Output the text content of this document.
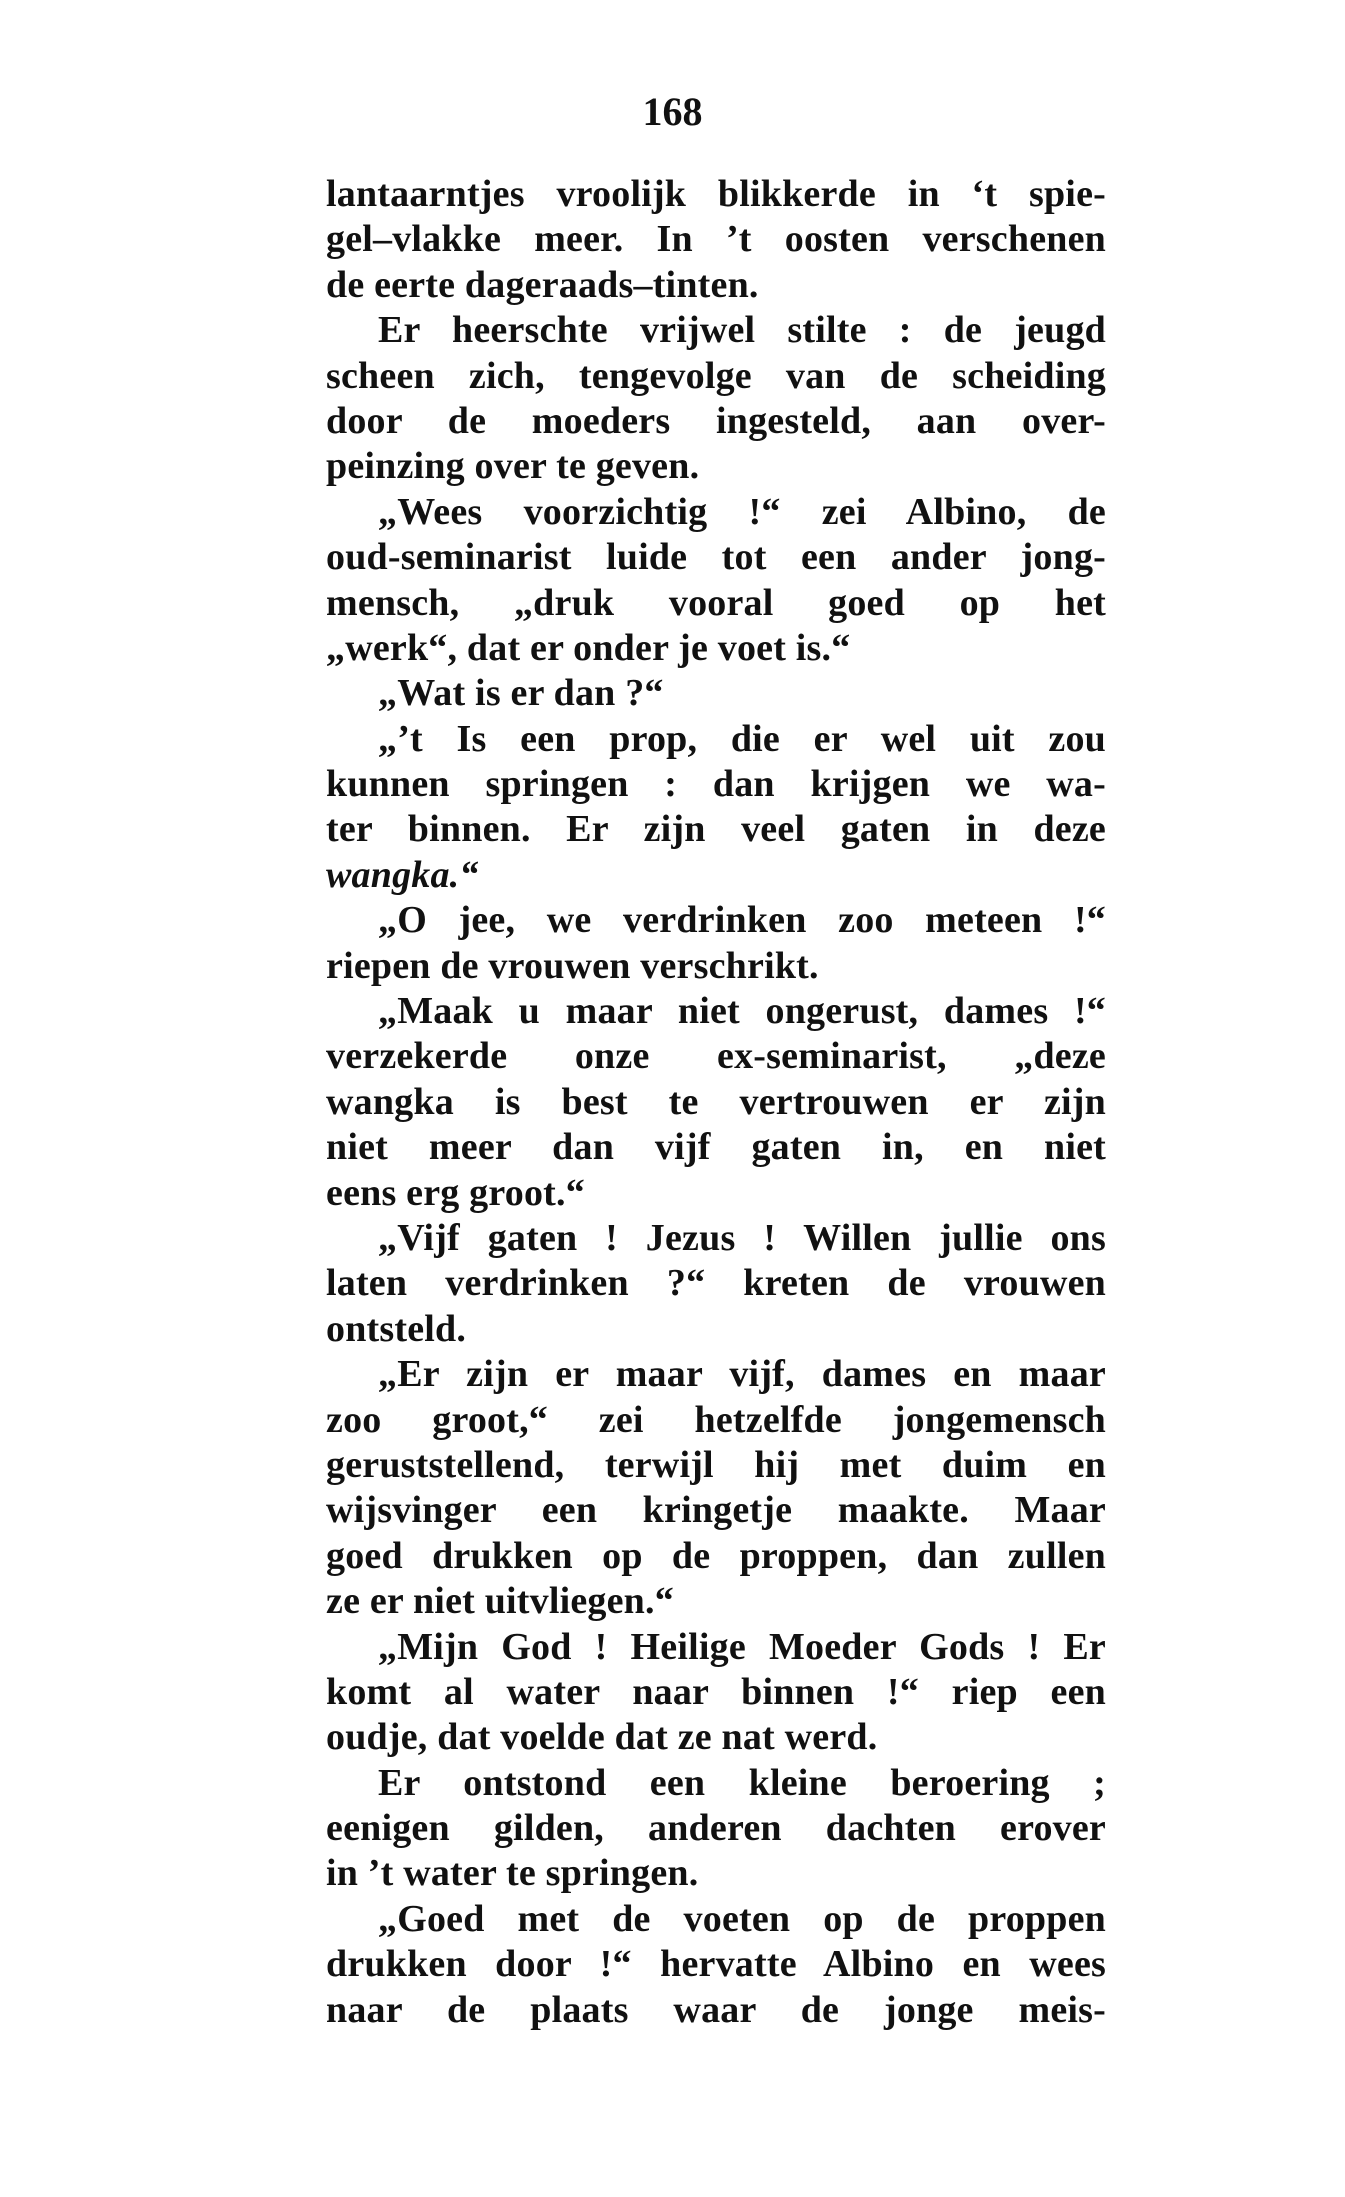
168
lantaarntjes vroolijk blikkerde in ‘t spie-
gel–vlakke meer. In ’t oosten verschenen
de eerte dageraads–tinten.
Er heerschte vrijwel stilte : de jeugd
scheen zich, tengevolge van de scheiding
door de moeders ingesteld, aan over-
peinzing over te geven.
„Wees voorzichtig !“ zei Albino, de
oud-seminarist luide tot een ander jong-
mensch, „druk vooral goed op het
„werk“, dat er onder je voet is.“
„Wat is er dan ?“
„’t Is een prop, die er wel uit zou
kunnen springen : dan krijgen we wa-
ter binnen. Er zijn veel gaten in deze
wangka.“
„O jee, we verdrinken zoo meteen !“
riepen de vrouwen verschrikt.
„Maak u maar niet ongerust, dames !“
verzekerde onze ex-seminarist, „deze
wangka is best te vertrouwen er zijn
niet meer dan vijf gaten in, en niet
eens erg groot.“
„Vijf gaten ! Jezus ! Willen jullie ons
laten verdrinken ?“ kreten de vrouwen
ontsteld.
„Er zijn er maar vijf, dames en maar
zoo groot,“ zei hetzelfde jongemensch
geruststellend, terwijl hij met duim en
wijsvinger een kringetje maakte. Maar
goed drukken op de proppen, dan zullen
ze er niet uitvliegen.“
„Mijn God ! Heilige Moeder Gods ! Er
komt al water naar binnen !“ riep een
oudje, dat voelde dat ze nat werd.
Er ontstond een kleine beroering ;
eenigen gilden, anderen dachten erover
in ’t water te springen.
„Goed met de voeten op de proppen
drukken door !“ hervatte Albino en wees
naar de plaats waar de jonge meis-
